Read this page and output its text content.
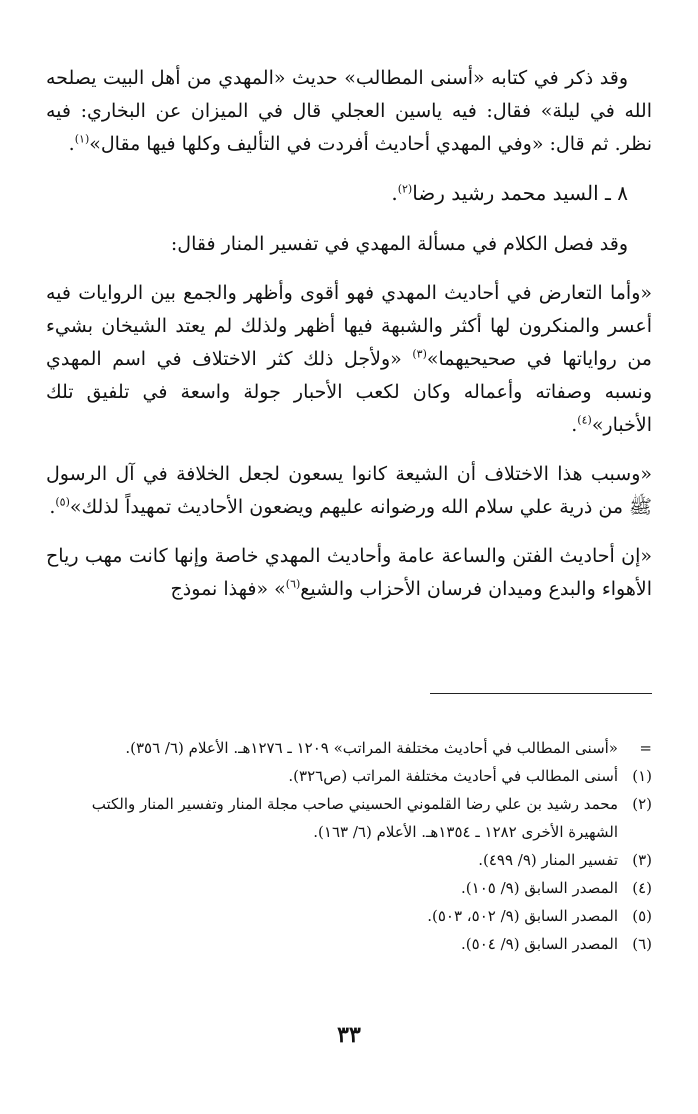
وقد ذكر في كتابه «أسنى المطالب» حديث «المهدي من أهل البيت يصلحه الله في ليلة» فقال: فيه ياسين العجلي قال في الميزان عن البخاري: فيه نظر. ثم قال: «وفي المهدي أحاديث أفردت في التأليف وكلها فيها مقال»$^{(١)}$.

٨ ـ السيد محمد رشيد رضا$^{(٢)}$.

وقد فصل الكلام في مسألة المهدي في تفسير المنار فقال:

«وأما التعارض في أحاديث المهدي فهو أقوى وأظهر والجمع بين الروايات فيه أعسر والمنكرون لها أكثر والشبهة فيها أظهر ولذلك لم يعتد الشيخان بشيء من رواياتها في صحيحيهما»$^{(٣)}$ «ولأجل ذلك كثر الاختلاف في اسم المهدي ونسبه وصفاته وأعماله وكان لكعب الأحبار جولة واسعة في تلفيق تلك الأخبار»$^{(٤)}$.

«وسبب هذا الاختلاف أن الشيعة كانوا يسعون لجعل الخلافة في آل الرسول ﷺ من ذرية علي سلام الله ورضوانه عليهم ويضعون الأحاديث تمهيداً لذلك»$^{(٥)}$.

«إن أحاديث الفتن والساعة عامة وأحاديث المهدي خاصة وإنها كانت مهب رياح الأهواء والبدع وميدان فرسان الأحزاب والشيع$^{(٦)}$» «فهذا نموذج

=
«أسنى المطالب في أحاديث مختلفة المراتب» ١٢٠٩ ـ ١٢٧٦هـ. الأعلام (٦/ ٣٥٦).
(١)
أسنى المطالب في أحاديث مختلفة المراتب (ص٣٢٦).
(٢)
محمد رشيد بن علي رضا القلموني الحسيني صاحب مجلة المنار وتفسير المنار والكتب الشهيرة الأخرى ١٢٨٢ ـ ١٣٥٤هـ. الأعلام (٦/ ١٦٣).
(٣)
تفسير المنار (٩/ ٤٩٩).
(٤)
المصدر السابق (٩/ ١٠٥).
(٥)
المصدر السابق (٩/ ٥٠٢، ٥٠٣).
(٦)
المصدر السابق (٩/ ٥٠٤).
٣٣
